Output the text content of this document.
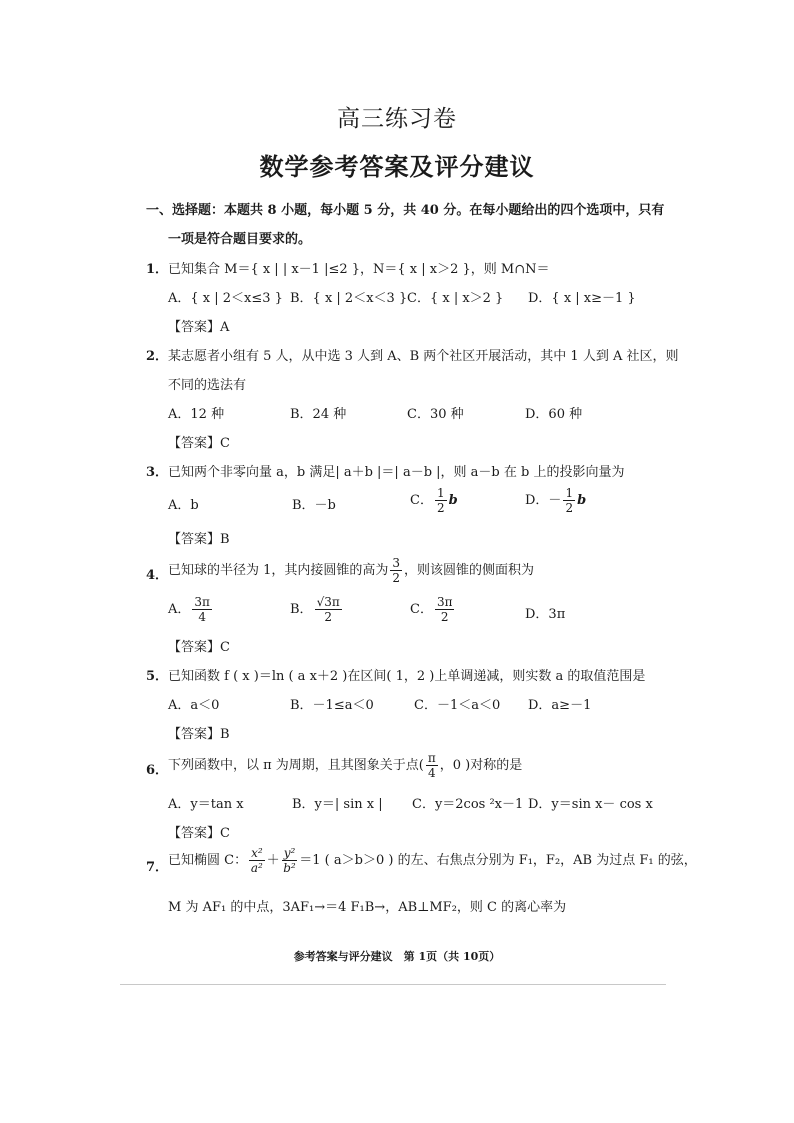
高三练习卷
数学参考答案及评分建议
一、选择题：本题共 8 小题，每小题 5 分，共 40 分。在每小题给出的四个选项中，只有
一项是符合题目要求的。
1． 已知集合 M＝{ x | | x－1 |≤2 }，N＝{ x | x＞2 }，则 M∩N＝
A．{ x | 2＜x≤3 } B．{ x | 2＜x＜3 } C．{ x | x＞2 } D．{ x | x≥－1 }
【答案】A
2． 某志愿者小组有 5 人，从中选 3 人到 A、B 两个社区开展活动，其中 1 人到 A 社区，则
不同的选法有
A．12 种	B．24 种	C．30 种	D．60 种
【答案】C
3． 已知两个非零向量 a，b 满足| a＋b |＝| a－b |，则 a－b 在 b 上的投影向量为
A．b	B．－b	C． $\frac{1}{2}$ b	D．－ $\frac{1}{2}$ b
【答案】B
4． 已知球的半径为 1，其内接圆锥的高为 $\frac{3}{2}$ ，则该圆锥的侧面积为
A． $\frac{3\pi}{4}$	B． $\frac{√3\pi}{2}$	C． $\frac{3\pi}{2}$	D．3π
【答案】C
5． 已知函数 f ( x )＝ln ( a x＋2 )在区间( 1，2 )上单调递减，则实数 a 的取值范围是
A．a＜0	B．－1≤a＜0	C．－1＜a＜0 D．a≥－1
【答案】B
6． 下列函数中，以 π 为周期，且其图象关于点( $\frac{\pi}{4}$ ，0 )对称的是
A．y＝tan x	B．y＝| sin x | C．y＝2cos ²x－1 D．y＝sin x－ cos x
【答案】C
7． 已知椭圆 C： $\frac{\text{x²}}{\text{a²}} + \frac{\text{y²}}{\text{b²}} =1$ ( a＞b＞0 ) 的左、右焦点分别为 F₁，F₂，AB 为过点 F₁ 的弦，
M 为 AF₁ 的中点，3AF₁→＝4 F₁B→，AB⊥MF₂，则 C 的离心率为
参考答案与评分建议　第 1页（共 10页）
